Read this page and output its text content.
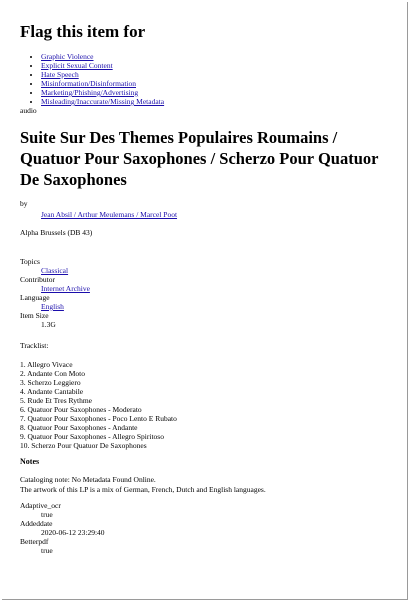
Flag this item for
• Graphic Violence
• Explicit Sexual Content
• Hate Speech
• Misinformation/Disinformation
• Marketing/Phishing/Advertising
• Misleading/Inaccurate/Missing Metadata
audio
Suite Sur Des Themes Populaires Roumains / Quatuor Pour Saxophones / Scherzo Pour Quatuor De Saxophones
by
Jean Absil / Arthur Meulemans / Marcel Poot
Alpha Brussels (DB 43)
Topics
Classical
Contributor
Internet Archive
Language
English
Item Size
1.3G
Tracklist:
1. Allegro Vivace
2. Andante Con Moto
3. Scherzo Leggiero
4. Andante Cantabile
5. Rude Et Tres Rythme
6. Quatuor Pour Saxophones - Moderato
7. Quatuor Pour Saxophones - Poco Lento E Rubato
8. Quatuor Pour Saxophones - Andante
9. Quatuor Pour Saxophones - Allegro Spiritoso
10. Scherzo Pour Quatuor De Saxophones
Notes
Cataloging note: No Metadata Found Online.
The artwork of this LP is a mix of German, French, Dutch and English languages.
Adaptive_ocr
true
Addeddate
2020-06-12 23:29:40
Betterpdf
true
